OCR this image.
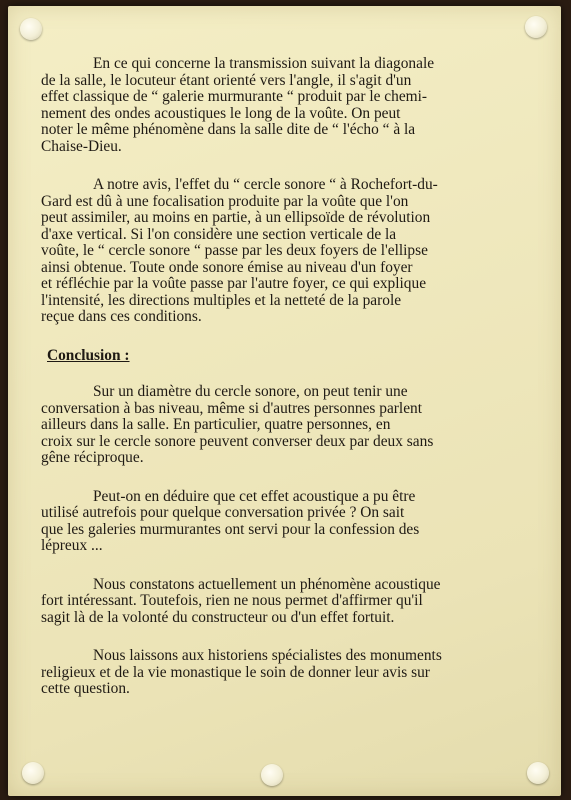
En ce qui concerne la transmission suivant la diagonale
de la salle, le locuteur étant orienté vers l'angle, il s'agit d'un
effet classique de “ galerie murmurante “ produit par le chemi-
nement des ondes acoustiques le long de la voûte. On peut
noter le même phénomène dans la salle dite de “ l'écho “ à la
Chaise-Dieu.

A notre avis, l'effet du “ cercle sonore “ à Rochefort-du-
Gard est dû à une focalisation produite par la voûte que l'on
peut assimiler, au moins en partie, à un ellipsoïde de révolution
d'axe vertical. Si l'on considère une section verticale de la
voûte, le “ cercle sonore “ passe par les deux foyers de l'ellipse
ainsi obtenue. Toute onde sonore émise au niveau d'un foyer
et réfléchie par la voûte passe par l'autre foyer, ce qui explique
l'intensité, les directions multiples et la netteté de la parole
reçue dans ces conditions.

Conclusion :

Sur un diamètre du cercle sonore, on peut tenir une
conversation à bas niveau, même si d'autres personnes parlent
ailleurs dans la salle. En particulier, quatre personnes, en
croix sur le cercle sonore peuvent converser deux par deux sans
gêne réciproque.

Peut-on en déduire que cet effet acoustique a pu être
utilisé autrefois pour quelque conversation privée ? On sait
que les galeries murmurantes ont servi pour la confession des
lépreux ...

Nous constatons actuellement un phénomène acoustique
fort intéressant. Toutefois, rien ne nous permet d'affirmer qu'il
sagit là de la volonté du constructeur ou d'un effet fortuit.

Nous laissons aux historiens spécialistes des monuments
religieux et de la vie monastique le soin de donner leur avis sur
cette question.
